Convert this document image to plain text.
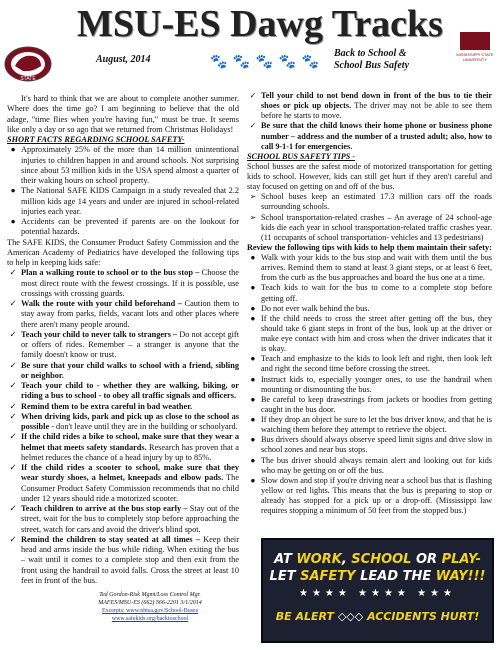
STATE
MSU-ES Dawg Tracks
MISSISSIPPI STATE UNIVERSITY
August, 2014	🐾 🐾 🐾 🐾 🐾
Back to School &
School Bus Safety

It's hard to think that we are about to complete another summer. Where does the time go? I am beginning to believe that the old adage, "time flies when you're having fun," must be true. It seems like only a day or so ago that we returned from Christmas Holidays!

SHORT FACTS REGARDING SCHOOL SAFETY-

● Approximately 25% of the more than 14 million unintentional injuries to children happen in and around schools. Not surprising since about 53 million kids in the USA spend almost a quarter of their waking hours on school property.
● The National SAFE KIDS Campaign in a study revealed that 2.2 million kids age 14 years and under are injured in school-related injuries each year.
● Accidents can be prevented if parents are on the lookout for potential hazards.

The SAFE KIDS, the Consumer Product Safety Commission and the American Academy of Pediatrics have developed the following tips to help in keeping kids safe:

✓ Plan a walking route to school or to the bus stop – Choose the most direct route with the fewest crossings. If it is possible, use crossings with crossing guards.
✓ Walk the route with your child beforehand – Caution them to stay away from parks, fields, vacant lots and other places where there aren't many people around.
✓ Teach your child to never talk to strangers – Do not accept gift or offers of rides. Remember – a stranger is anyone that the family doesn't know or trust.
✓ Be sure that your child walks to school with a friend, sibling or neighbor.
✓ Teach your child to - whether they are walking, biking, or riding a bus to school - to obey all traffic signals and officers.
✓ Remind them to be extra careful in bad weather.
✓ When driving kids, park and pick up as close to the school as possible - don't leave until they are in the building or schoolyard.
✓ If the child rides a bike to school, make sure that they wear a helmet that meets safety standards. Research has proven that a helmet reduces the chance of a head injury by up to 85%.
✓ If the child rides a scooter to school, make sure that they wear sturdy shoes, a helmet, kneepads and elbow pads. The Consumer Product Safety Commission recommends that no child under 12 years should ride a motorized scooter.
✓ Teach children to arrive at the bus stop early – Stay out of the street, wait for the bus to completely stop before approaching the street, watch for cars and avoid the driver's blind spot.
✓ Remind the children to stay seated at all times – Keep their head and arms inside the bus while riding. When exiting the bus – wait until it comes to a complete stop and then exit from the front using the handrail to avoid falls. Cross the street at least 10 feet in front of the bus.
Ted Gordon-Risk Mgmt/Loss Control Mgr.
MAFES/MSU-ES (662) 566-2201 3/1/2014
Excerpts: www.nhtsa.gov/School-Buses
www.safekids.org/backtoschool
✓ Tell your child to not bend down in front of the bus to tie their shoes or pick up objects. The driver may not be able to see them before he starts to move.
✓ Be sure that the child knows their home phone or business phone number – address and the number of a trusted adult; also, how to call 9-1-1 for emergencies.

SCHOOL BUS SAFETY TIPS -

School busses are the safest mode of motorized transportation for getting kids to school. However, kids can still get hurt if they aren't careful and stay focused on getting on and off of the bus.

➢ School buses keep an estimated 17.3 million cars off the roads surrounding schools.
➢ School transportation-related crashes – An average of 24 school-age kids die each year in school transportation-related traffic crashes year. (11 occupants of school transportation- vehicles and 13 pedestrians)

Review the following tips with kids to help them maintain their safety:

● Walk with your kids to the bus stop and wait with them until the bus arrives. Remind them to stand at least 3 giant steps, or at least 6 feet, from the curb as the bus approaches and board the bus one at a time.
● Teach kids to wait for the bus to come to a complete stop before getting off.
● Do not ever walk behind the bus.
● If the child needs to cross the street after getting off the bus, they should take 6 giant steps in front of the bus, look up at the driver or make eye contact with him and cross when the driver indicates that it is okay.
● Teach and emphasize to the kids to look left and right, then look left and right the second time before crossing the street.
● Instruct kids to, especially younger ones, to use the handrail when mounting or dismounting the bus.
● Be careful to keep drawstrings from jackets or hoodies from getting caught in the bus door.
● If they drop an object be sure to let the bus driver know, and that he is watching them before they attempt to retrieve the object.
● Bus drivers should always observe speed limit signs and drive slow in school zones and near bus stops.
● The bus driver should always remain alert and looking out for kids who may be getting on or off the bus.
● Slow down and stop if you're driving near a school bus that is flashing yellow or red lights. This means that the bus is preparing to stop or already has stopped for a pick up or a drop-off. (Mississippi law requires stopping a minimum of 50 feet from the stopped bus.)
AT WORK, SCHOOL OR PLAY-
LET SAFETY LEAD THE WAY!!!
★★★★ ★★★★ ★★★
BE ALERT ◇◇◇ ACCIDENTS HURT!
